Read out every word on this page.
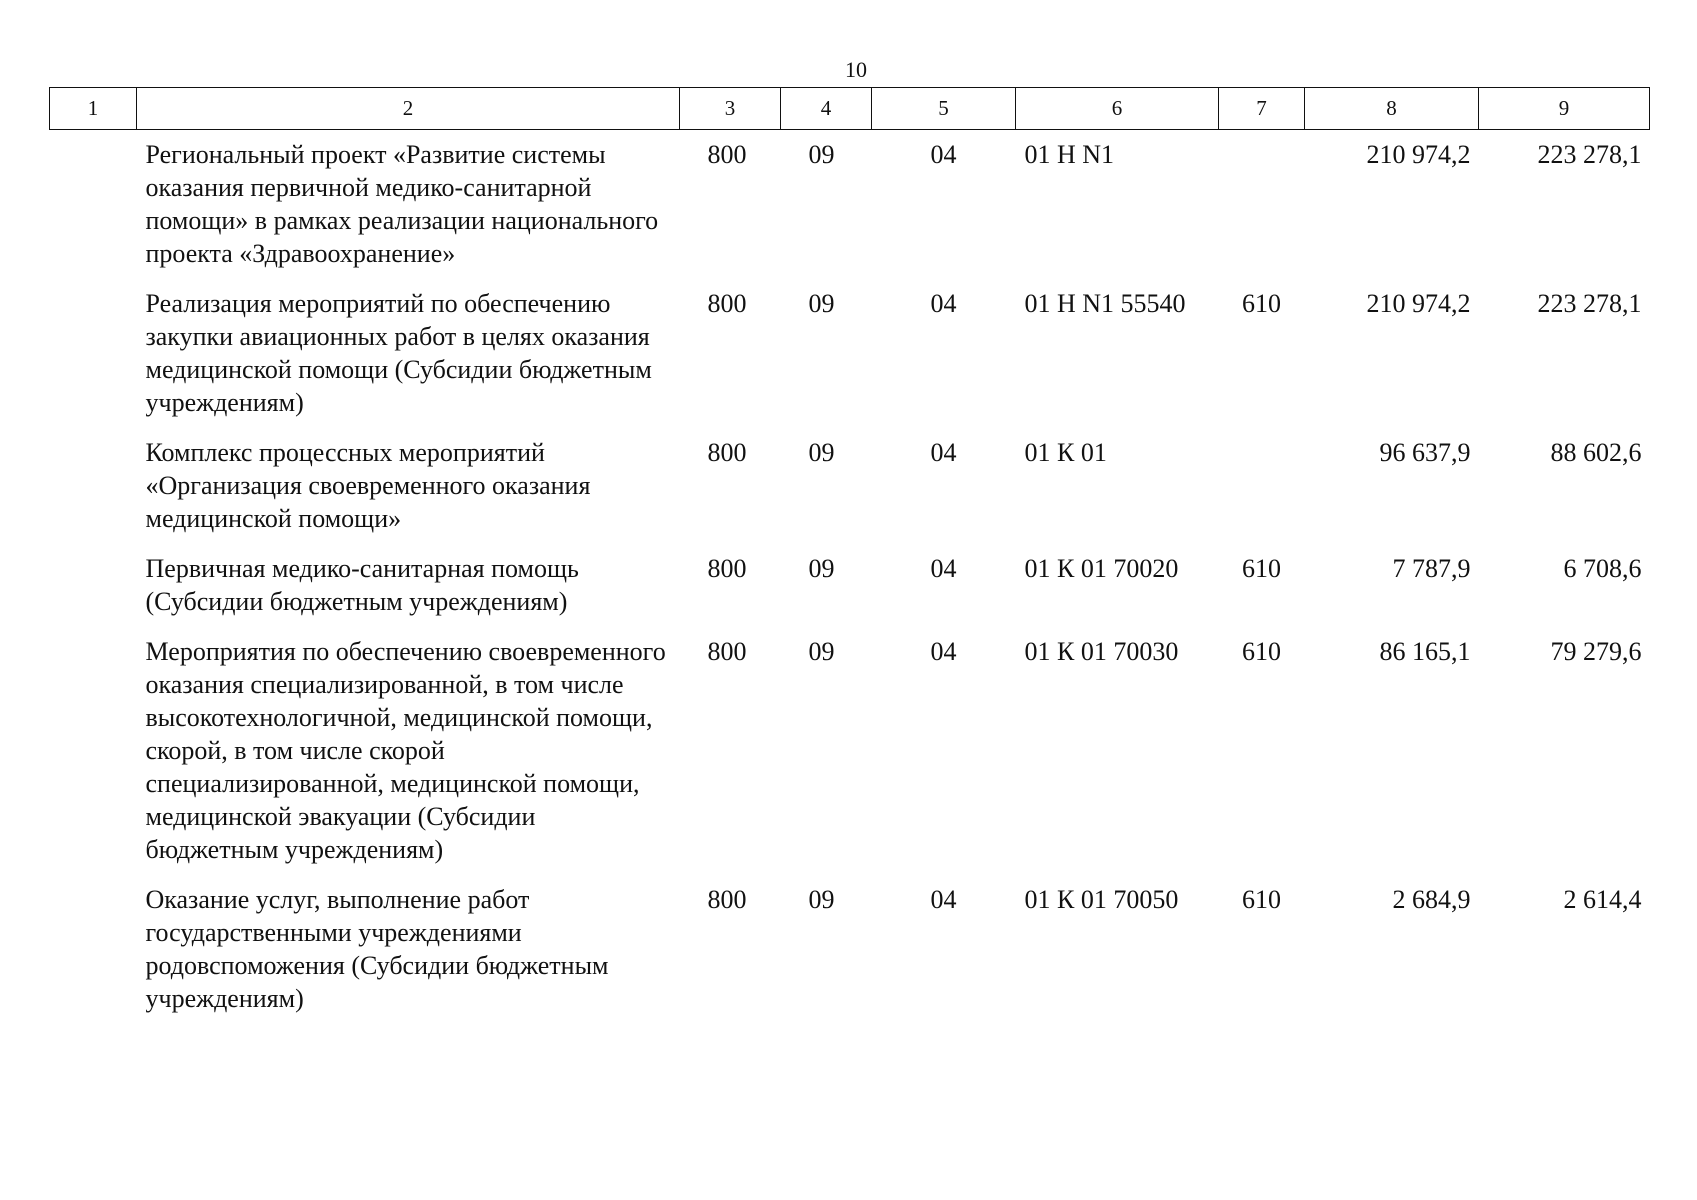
10
1	2	3	4	5	6	7	8	9
	Региональный проект «Развитие системы оказания первичной медико-санитарной помощи» в рамках реализации национального проекта «Здравоохранение»	800	09	04	01 Н N1		210 974,2	223 278,1
	Реализация мероприятий по обеспечению закупки авиационных работ в целях оказания медицинской помощи (Субсидии бюджетным учреждениям)	800	09	04	01 Н N1 55540	610	210 974,2	223 278,1
	Комплекс процессных мероприятий «Организация своевременного оказания медицинской помощи»	800	09	04	01 К 01		96 637,9	88 602,6
	Первичная медико-санитарная помощь (Субсидии бюджетным учреждениям)	800	09	04	01 К 01 70020	610	7 787,9	6 708,6
	Мероприятия по обеспечению своевременного оказания специализированной, в том числе высокотехнологичной, медицинской помощи, скорой, в том числе скорой специализированной, медицинской помощи, медицинской эвакуации (Субсидии бюджетным учреждениям)	800	09	04	01 К 01 70030	610	86 165,1	79 279,6
	Оказание услуг, выполнение работ государственными учреждениями родовспоможения (Субсидии бюджетным учреждениям)	800	09	04	01 К 01 70050	610	2 684,9	2 614,4
